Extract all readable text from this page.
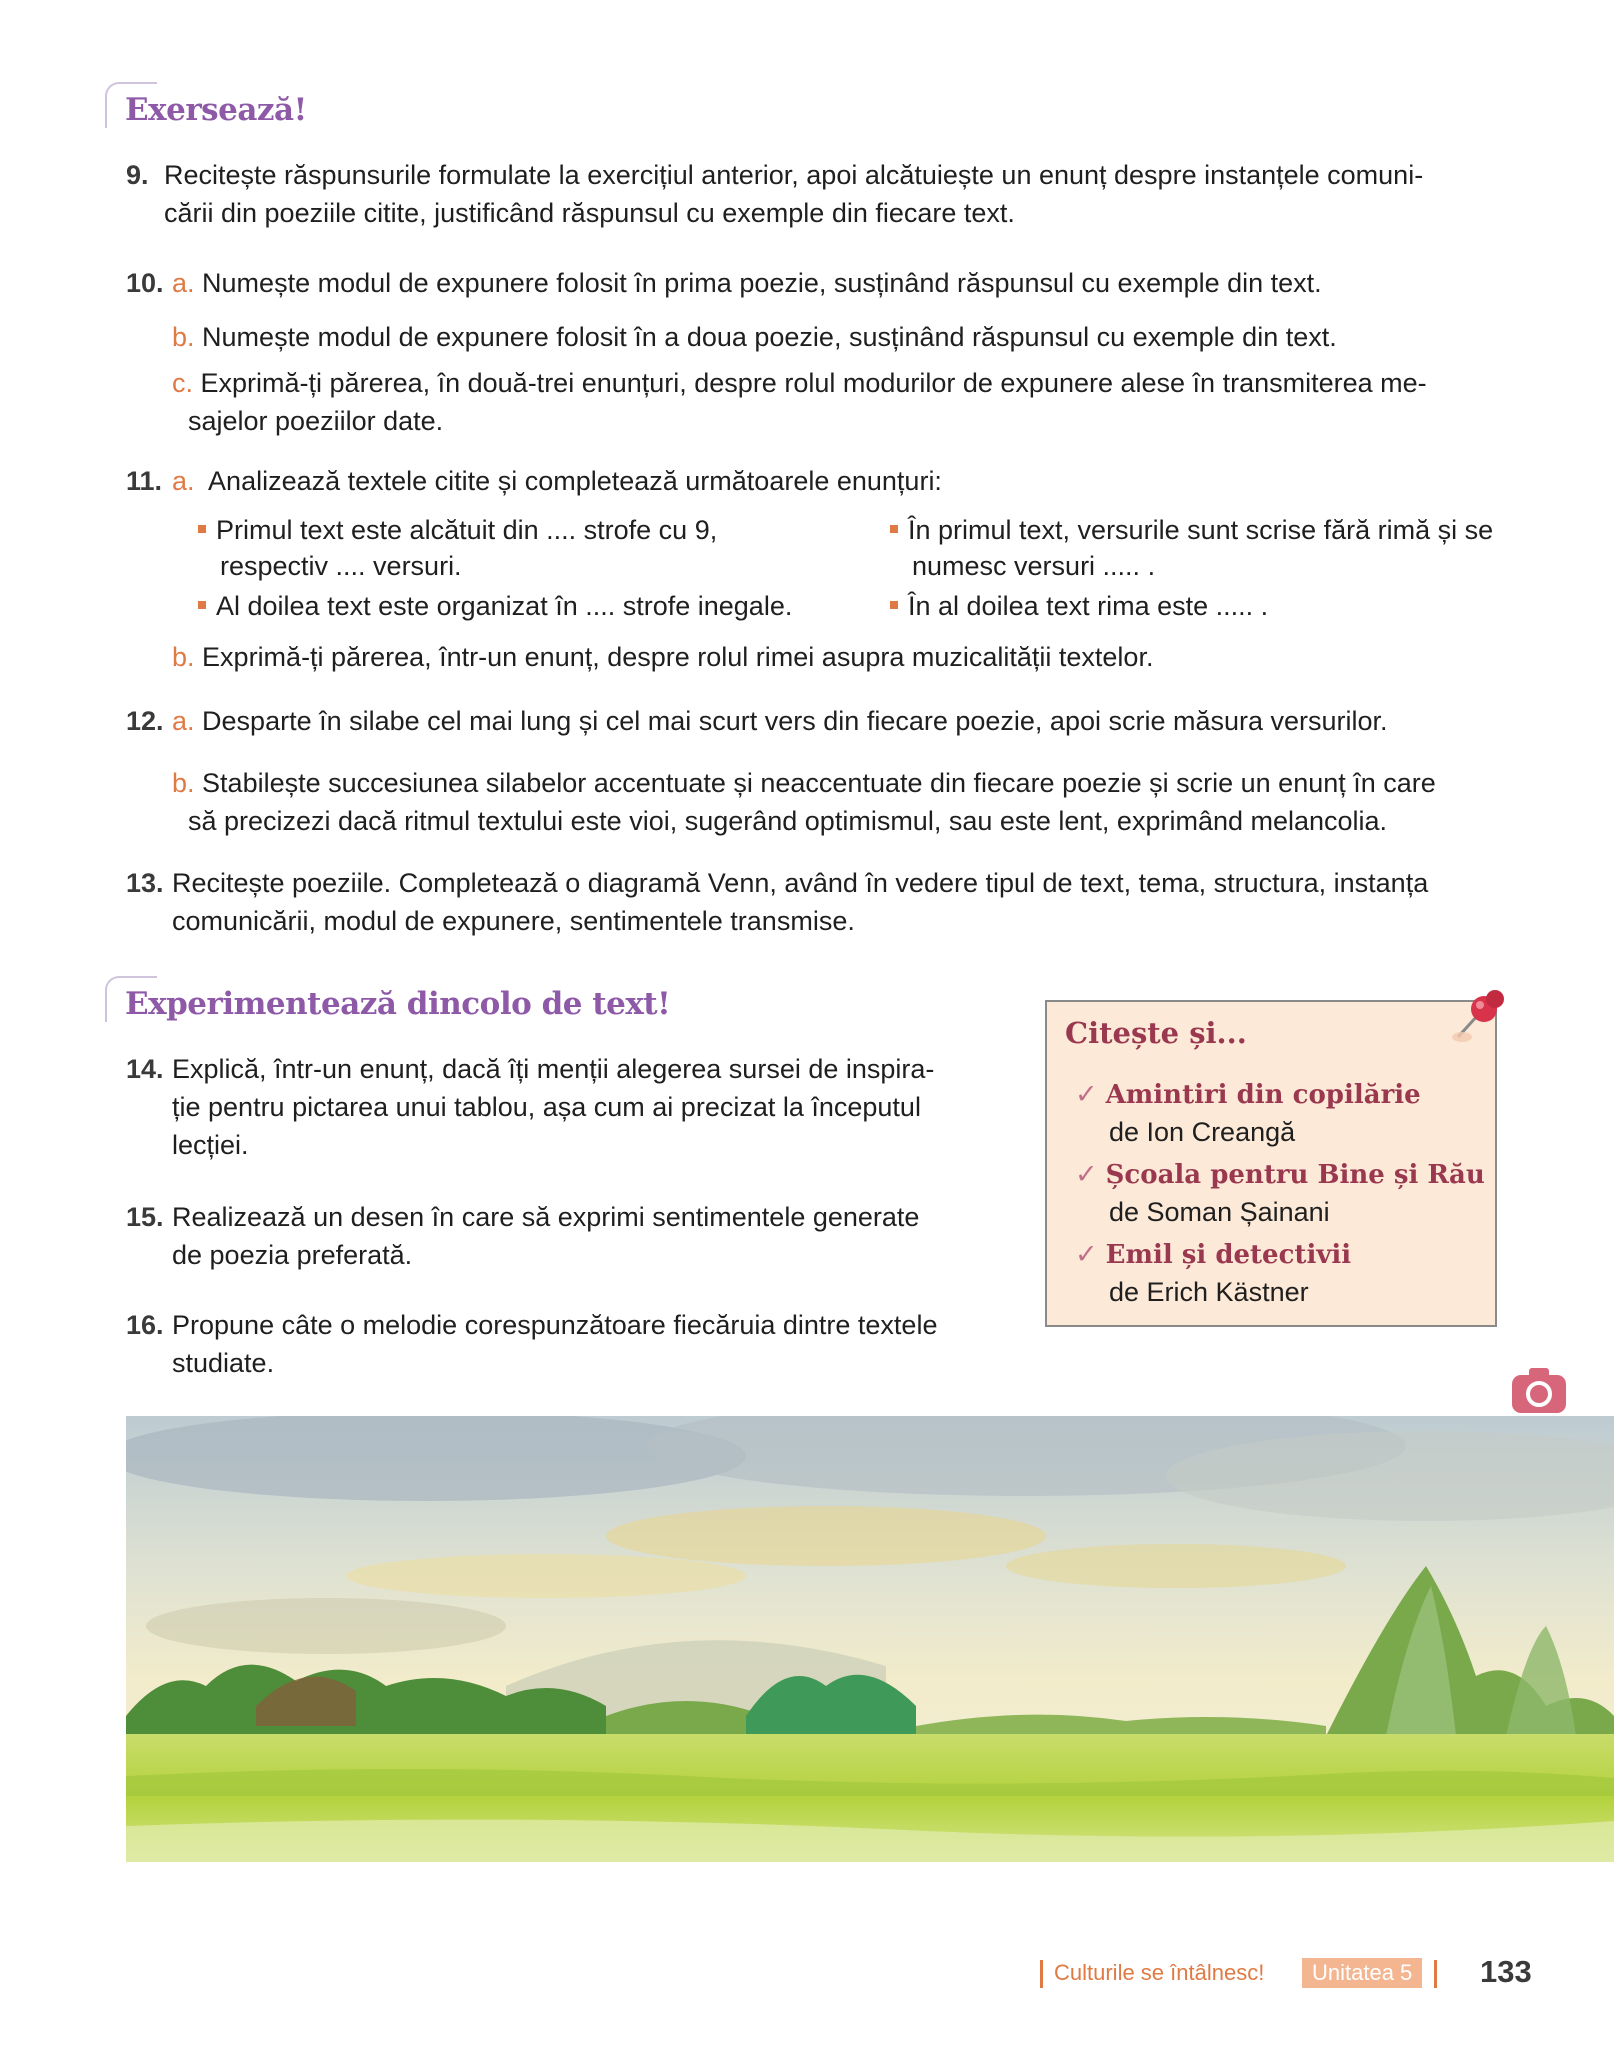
Exersează!
9. Recitește răspunsurile formulate la exercițiul anterior, apoi alcătuiește un enunț despre instanțele comuni-
cării din poeziile citite, justificând răspunsul cu exemple din fiecare text.
10. a. Numește modul de expunere folosit în prima poezie, susținând răspunsul cu exemple din text.
b. Numește modul de expunere folosit în a doua poezie, susținând răspunsul cu exemple din text.
c. Exprimă-ți părerea, în două-trei enunțuri, despre rolul modurilor de expunere alese în transmiterea me-
sajelor poeziilor date.
11. a. Analizează textele citite și completează următoarele enunțuri:
Primul text este alcătuit din .... strofe cu 9,
respectiv .... versuri.
Al doilea text este organizat în .... strofe inegale.
În primul text, versurile sunt scrise fără rimă și se
numesc versuri ..... .
În al doilea text rima este ..... .
b. Exprimă-ți părerea, într-un enunț, despre rolul rimei asupra muzicalității textelor.
12. a. Desparte în silabe cel mai lung și cel mai scurt vers din fiecare poezie, apoi scrie măsura versurilor.
b. Stabilește succesiunea silabelor accentuate și neaccentuate din fiecare poezie și scrie un enunț în care
să precizezi dacă ritmul textului este vioi, sugerând optimismul, sau este lent, exprimând melancolia.
13. Recitește poeziile. Completează o diagramă Venn, având în vedere tipul de text, tema, structura, instanța
comunicării, modul de expunere, sentimentele transmise.
Experimentează dincolo de text!
14. Explică, într-un enunț, dacă îți menții alegerea sursei de inspira-
ție pentru pictarea unui tablou, așa cum ai precizat la începutul
lecției.
15. Realizează un desen în care să exprimi sentimentele generate
de poezia preferată.
16. Propune câte o melodie corespunzătoare fiecăruia dintre textele
studiate.
Citește și...
✓ Amintiri din copilărie
de Ion Creangă
✓ Școala pentru Bine și Rău
de Soman Șainani
✓ Emil și detectivii
de Erich Kästner
Culturile se întâlnesc!	Unitatea 5	133
